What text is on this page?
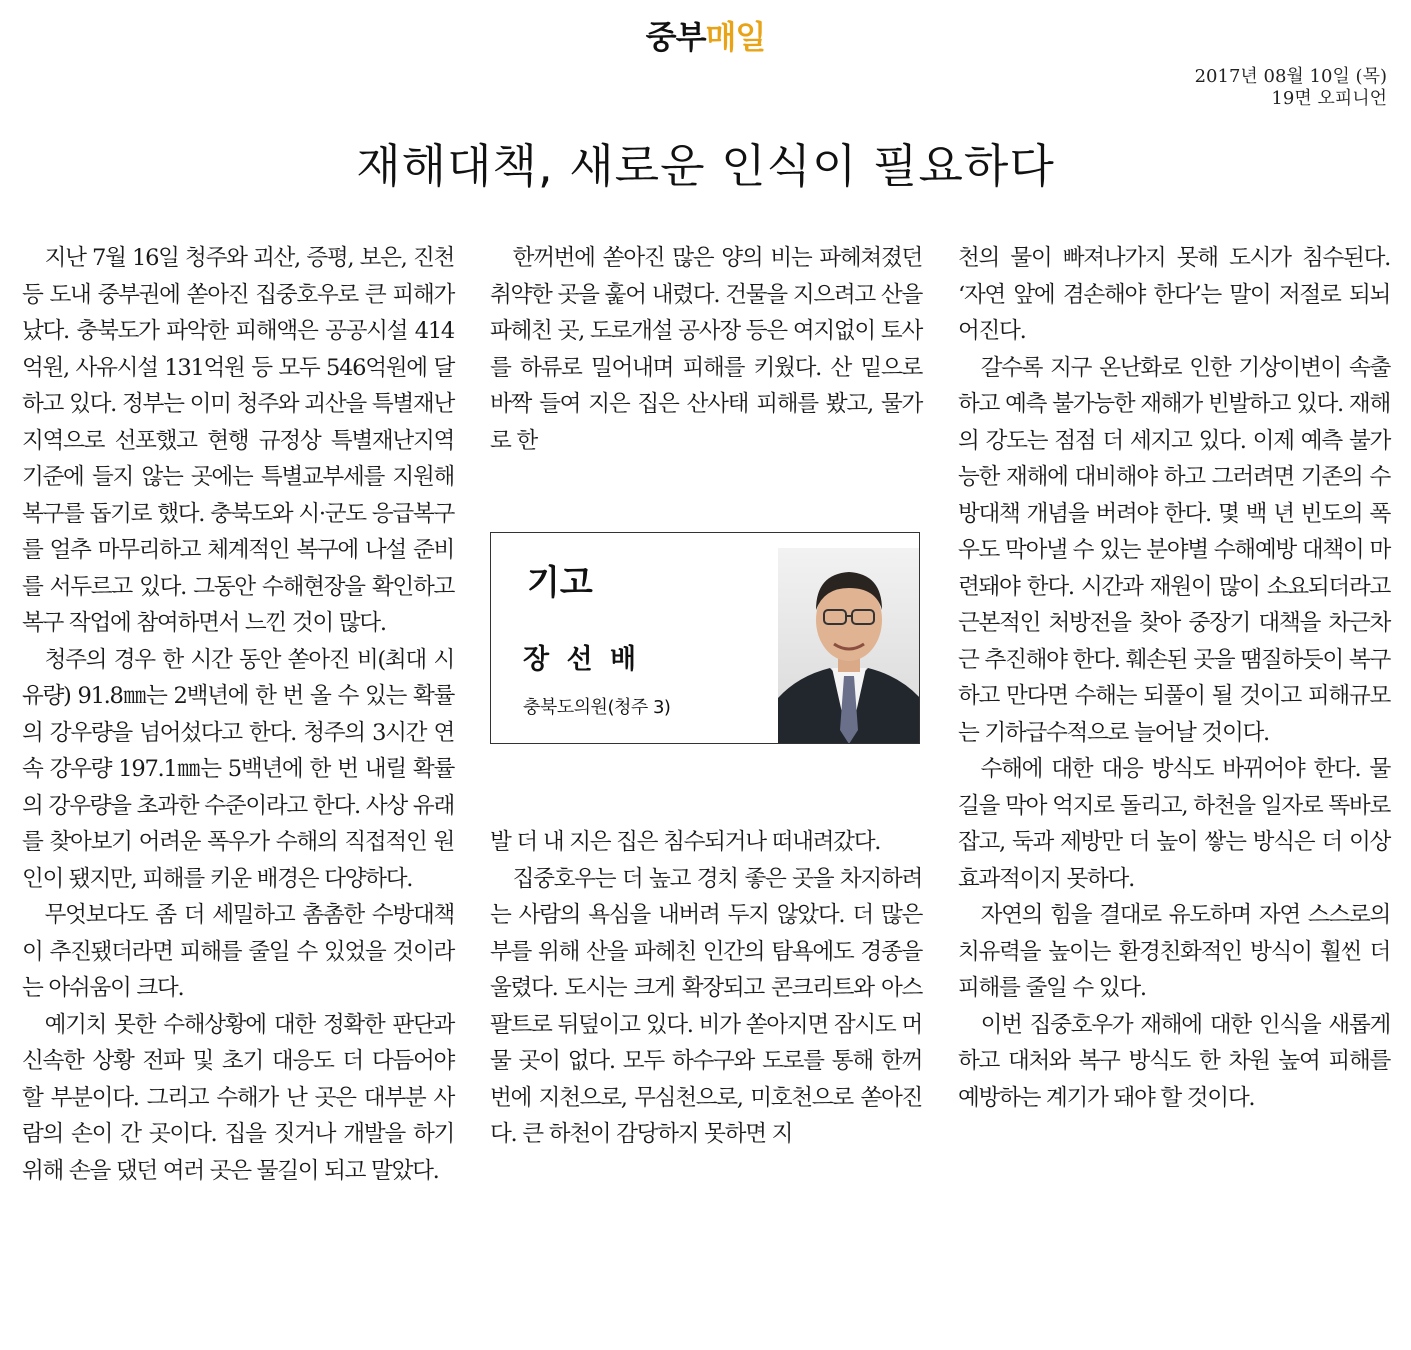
중부매일
2017년 08월 10일 (목)
19면 오피니언
재해대책, 새로운 인식이 필요하다

지난 7월 16일 청주와 괴산, 증평, 보은, 진천 등 도내 중부권에 쏟아진 집중호우로 큰 피해가 났다. 충북도가 파악한 피해액은 공공시설 414억원, 사유시설 131억원 등 모두 546억원에 달하고 있다. 정부는 이미 청주와 괴산을 특별재난지역으로 선포했고 현행 규정상 특별재난지역 기준에 들지 않는 곳에는 특별교부세를 지원해 복구를 돕기로 했다. 충북도와 시·군도 응급복구를 얼추 마무리하고 체계적인 복구에 나설 준비를 서두르고 있다. 그동안 수해현장을 확인하고 복구 작업에 참여하면서 느낀 것이 많다.

청주의 경우 한 시간 동안 쏟아진 비(최대 시유량) 91.8㎜는 2백년에 한 번 올 수 있는 확률의 강우량을 넘어섰다고 한다. 청주의 3시간 연속 강우량 197.1㎜는 5백년에 한 번 내릴 확률의 강우량을 초과한 수준이라고 한다. 사상 유래를 찾아보기 어려운 폭우가 수해의 직접적인 원인이 됐지만, 피해를 키운 배경은 다양하다.

무엇보다도 좀 더 세밀하고 촘촘한 수방대책이 추진됐더라면 피해를 줄일 수 있었을 것이라는 아쉬움이 크다.

예기치 못한 수해상황에 대한 정확한 판단과 신속한 상황 전파 및 초기 대응도 더 다듬어야 할 부분이다. 그리고 수해가 난 곳은 대부분 사람의 손이 간 곳이다. 집을 짓거나 개발을 하기 위해 손을 댔던 여러 곳은 물길이 되고 말았다.

한꺼번에 쏟아진 많은 양의 비는 파헤쳐졌던 취약한 곳을 훑어 내렸다. 건물을 지으려고 산을 파헤친 곳, 도로개설 공사장 등은 여지없이 토사를 하류로 밀어내며 피해를 키웠다. 산 밑으로 바짝 들여 지은 집은 산사태 피해를 봤고, 물가로 한

기고
장 선 배
충북도의원(청주 3)

발 더 내 지은 집은 침수되거나 떠내려갔다.

집중호우는 더 높고 경치 좋은 곳을 차지하려는 사람의 욕심을 내버려 두지 않았다. 더 많은 부를 위해 산을 파헤친 인간의 탐욕에도 경종을 울렸다. 도시는 크게 확장되고 콘크리트와 아스팔트로 뒤덮이고 있다. 비가 쏟아지면 잠시도 머물 곳이 없다. 모두 하수구와 도로를 통해 한꺼번에 지천으로, 무심천으로, 미호천으로 쏟아진다. 큰 하천이 감당하지 못하면 지

천의 물이 빠져나가지 못해 도시가 침수된다. ‘자연 앞에 겸손해야 한다’는 말이 저절로 되뇌어진다.

갈수록 지구 온난화로 인한 기상이변이 속출하고 예측 불가능한 재해가 빈발하고 있다. 재해의 강도는 점점 더 세지고 있다. 이제 예측 불가능한 재해에 대비해야 하고 그러려면 기존의 수방대책 개념을 버려야 한다. 몇 백 년 빈도의 폭우도 막아낼 수 있는 분야별 수해예방 대책이 마련돼야 한다. 시간과 재원이 많이 소요되더라고 근본적인 처방전을 찾아 중장기 대책을 차근차근 추진해야 한다. 훼손된 곳을 땜질하듯이 복구하고 만다면 수해는 되풀이 될 것이고 피해규모는 기하급수적으로 늘어날 것이다.

수해에 대한 대응 방식도 바뀌어야 한다. 물길을 막아 억지로 돌리고, 하천을 일자로 똑바로 잡고, 둑과 제방만 더 높이 쌓는 방식은 더 이상 효과적이지 못하다.

자연의 힘을 결대로 유도하며 자연 스스로의 치유력을 높이는 환경친화적인 방식이 훨씬 더 피해를 줄일 수 있다.

이번 집중호우가 재해에 대한 인식을 새롭게 하고 대처와 복구 방식도 한 차원 높여 피해를 예방하는 계기가 돼야 할 것이다.
